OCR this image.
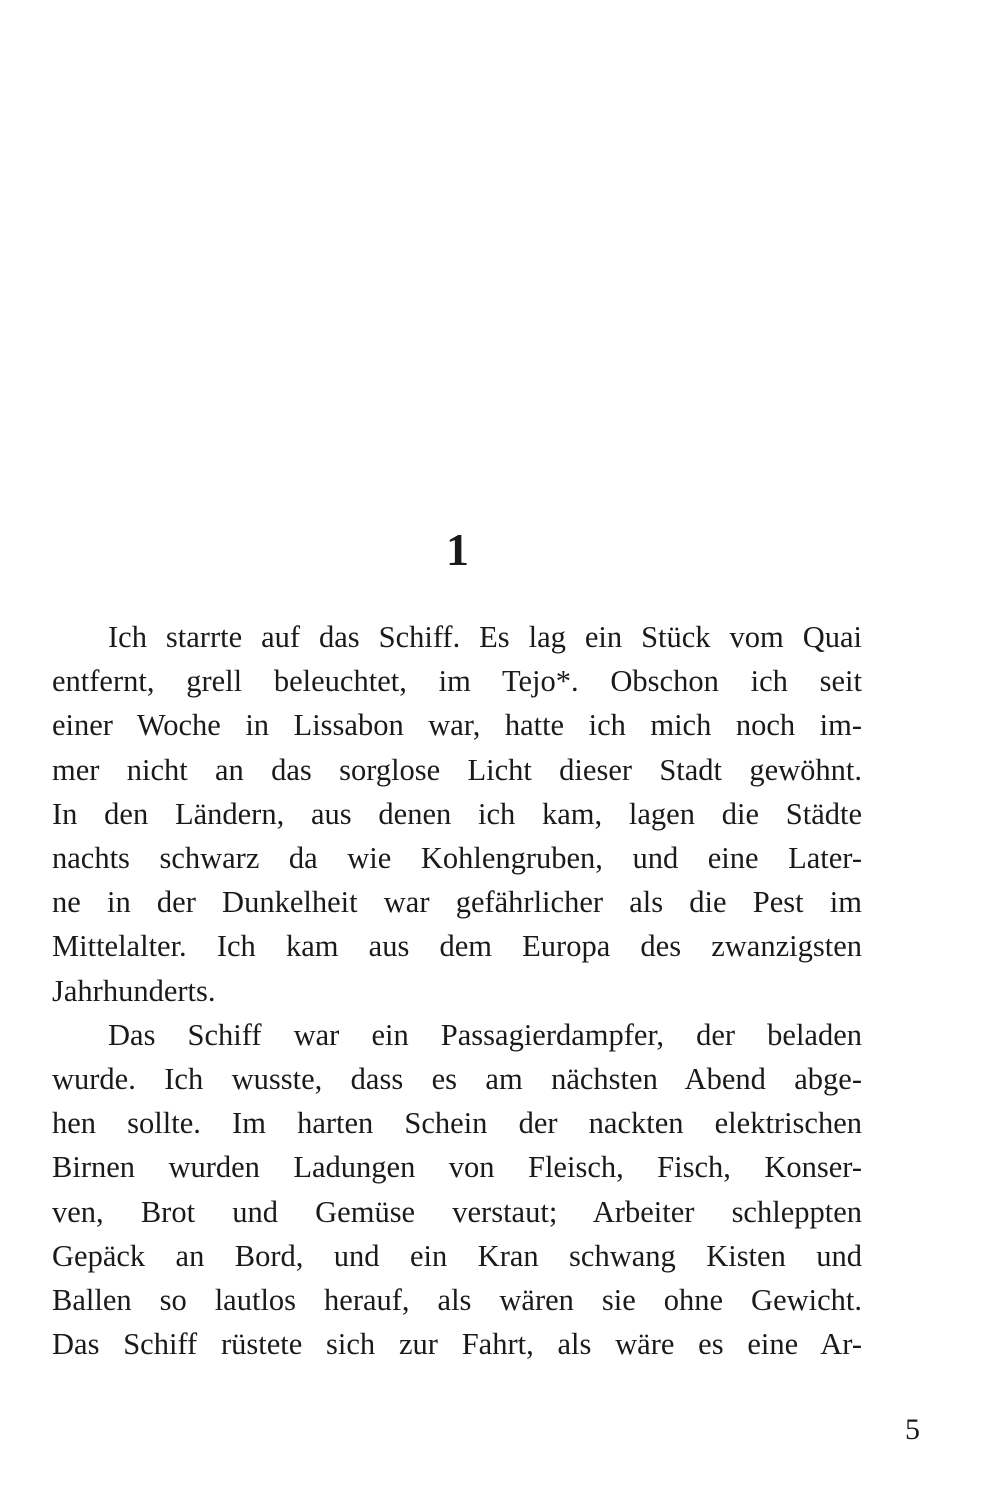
1

Ich starrte auf das Schiff. Es lag ein Stück vom Quai
entfernt, grell beleuchtet, im Tejo*. Obschon ich seit
einer Woche in Lissabon war, hatte ich mich noch im-
mer nicht an das sorglose Licht dieser Stadt gewöhnt.
In den Ländern, aus denen ich kam, lagen die Städte
nachts schwarz da wie Kohlengruben, und eine Later-
ne in der Dunkelheit war gefährlicher als die Pest im
Mittelalter. Ich kam aus dem Europa des zwanzigsten
Jahrhunderts.

Das Schiff war ein Passagierdampfer, der beladen
wurde. Ich wusste, dass es am nächsten Abend abge-
hen sollte. Im harten Schein der nackten elektrischen
Birnen wurden Ladungen von Fleisch, Fisch, Konser-
ven, Brot und Gemüse verstaut; Arbeiter schleppten
Gepäck an Bord, und ein Kran schwang Kisten und
Ballen so lautlos herauf, als wären sie ohne Gewicht.
Das Schiff rüstete sich zur Fahrt, als wäre es eine Ar-

5
